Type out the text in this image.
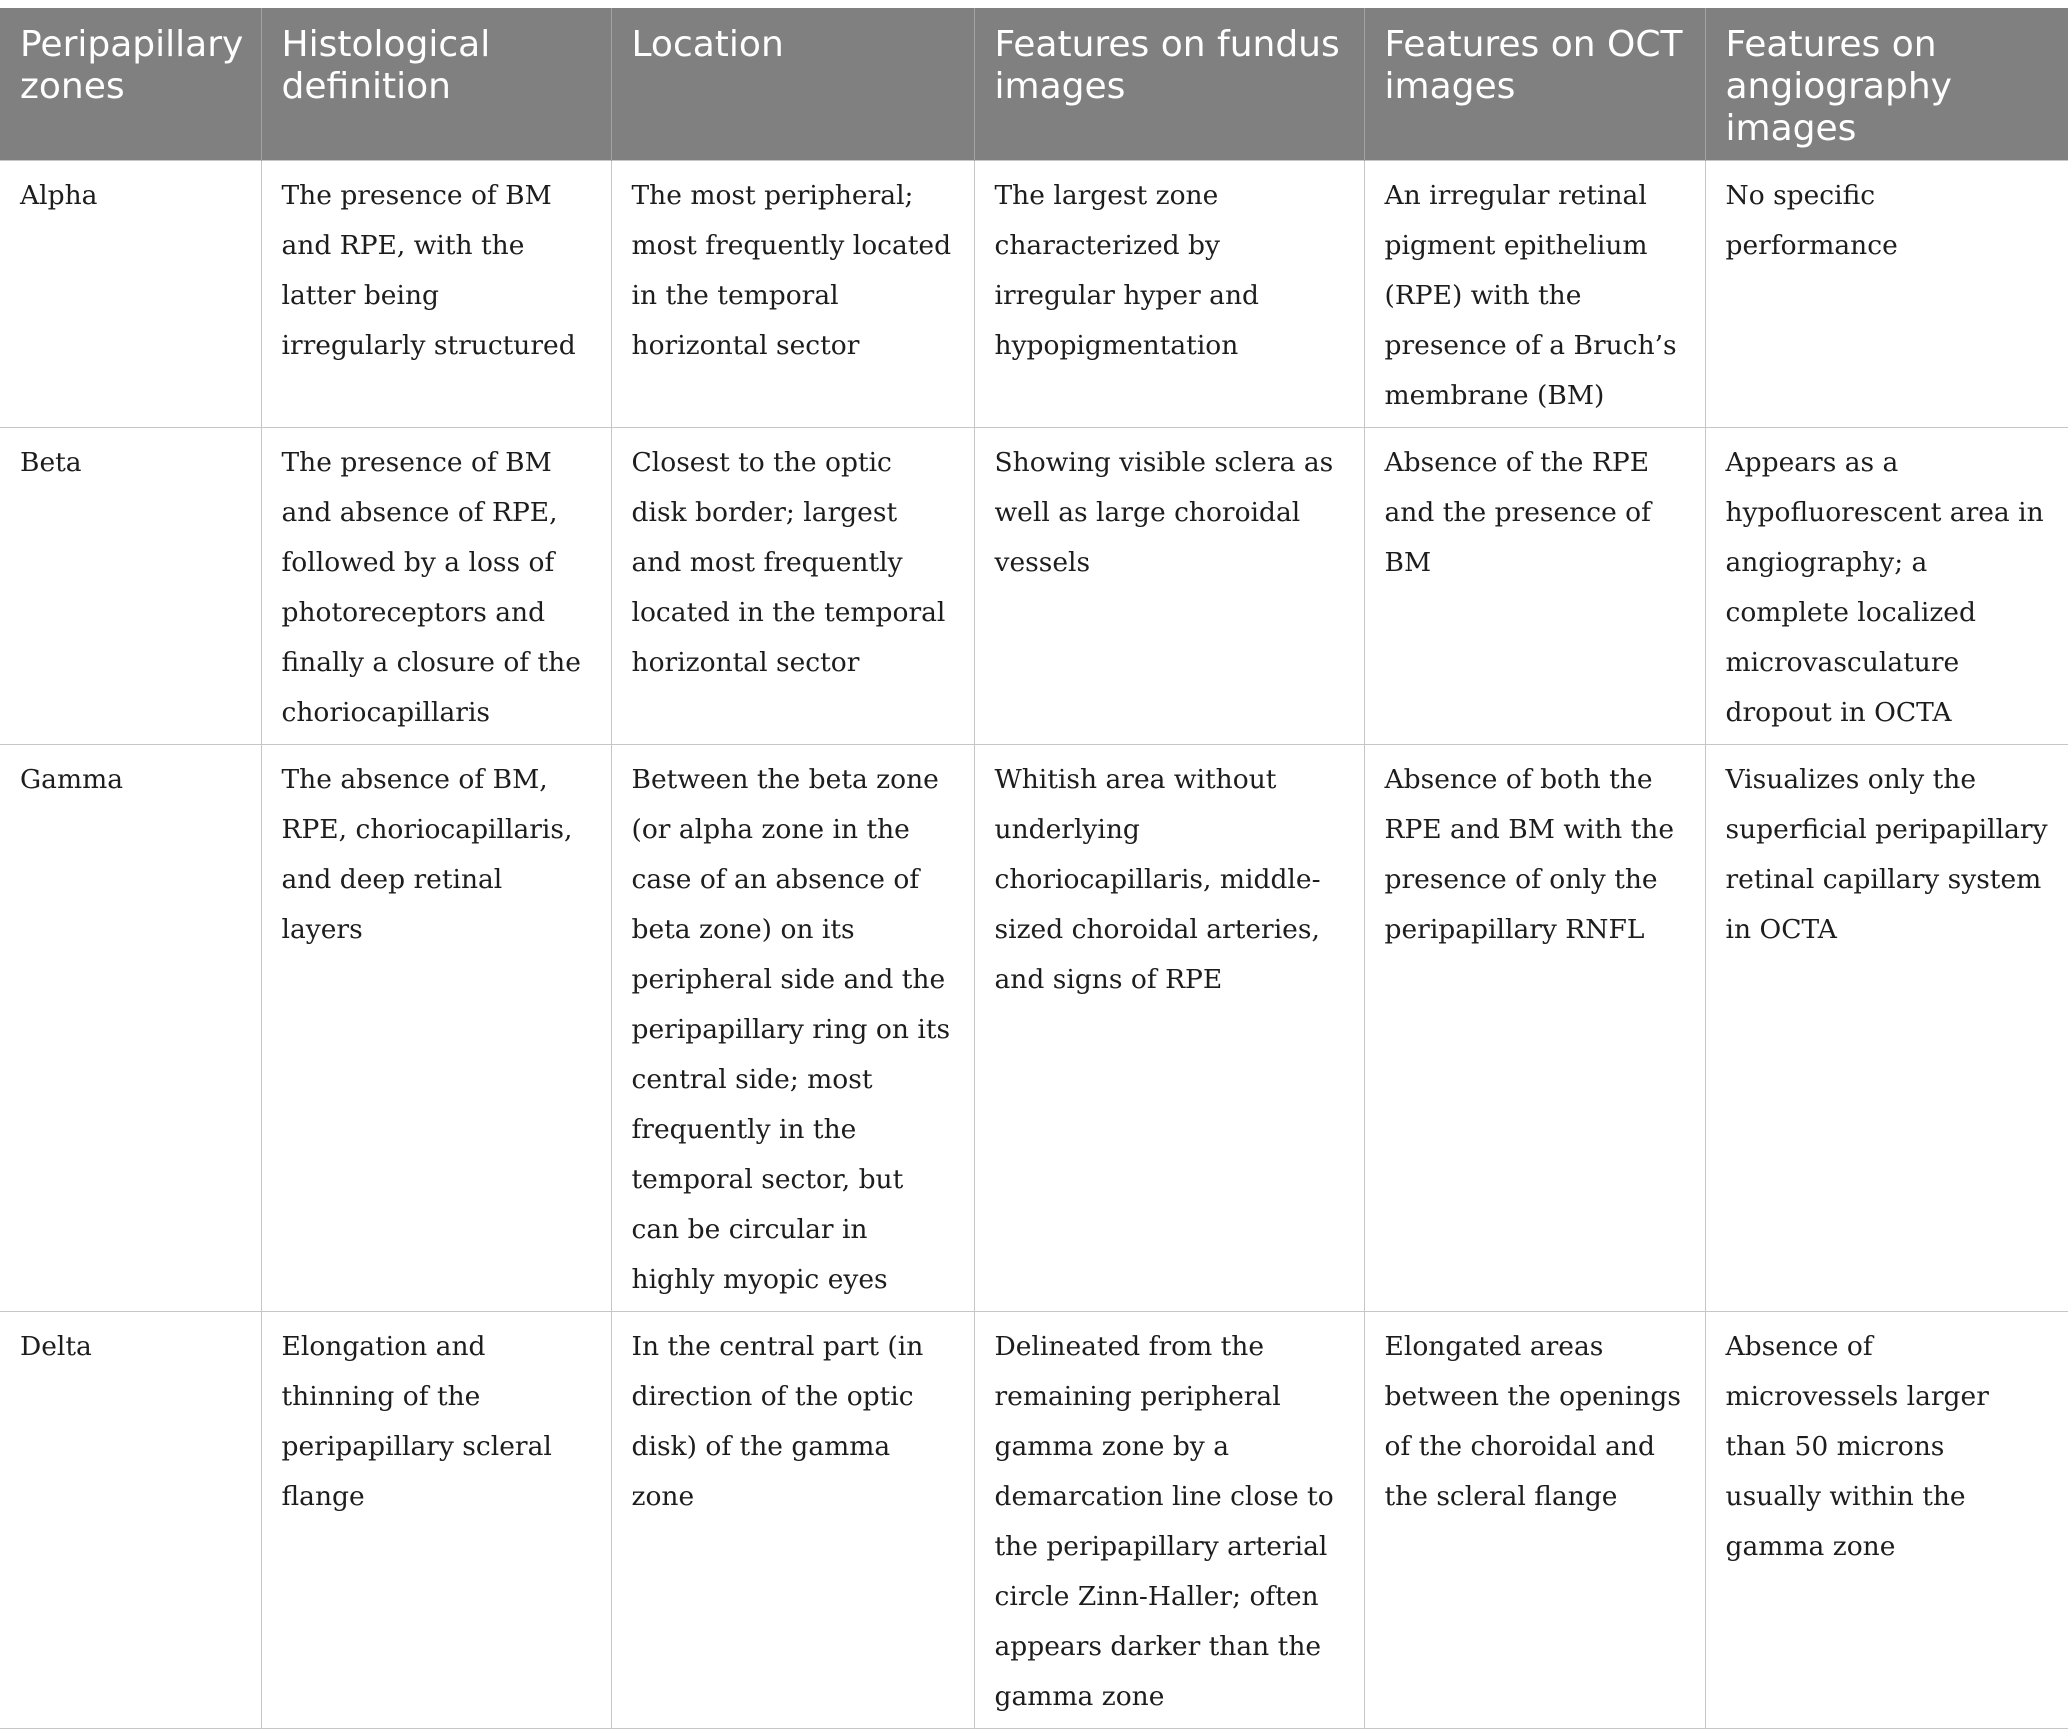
Peripapillary zones	Histological definition	Location	Features on fundus images	Features on OCT images	Features on angiography images
Alpha	The presence of BM and RPE, with the latter being irregularly structured	The most peripheral; most frequently located in the temporal horizontal sector	The largest zone characterized by irregular hyper and hypopigmentation	An irregular retinal pigment epithelium (RPE) with the presence of a Bruch’s membrane (BM)	No specific performance
Beta	The presence of BM and absence of RPE, followed by a loss of photoreceptors and finally a closure of the choriocapillaris	Closest to the optic disk border; largest and most frequently located in the temporal horizontal sector	Showing visible sclera as well as large choroidal vessels	Absence of the RPE and the presence of BM	Appears as a hypofluorescent area in angiography; a complete localized microvasculature dropout in OCTA
Gamma	The absence of BM, RPE, choriocapillaris, and deep retinal layers	Between the beta zone (or alpha zone in the case of an absence of beta zone) on its peripheral side and the peripapillary ring on its central side; most frequently in the temporal sector, but can be circular in highly myopic eyes	Whitish area without underlying choriocapillaris, middle-sized choroidal arteries, and signs of RPE	Absence of both the RPE and BM with the presence of only the peripapillary RNFL	Visualizes only the superficial peripapillary retinal capillary system in OCTA
Delta	Elongation and thinning of the peripapillary scleral flange	In the central part (in direction of the optic disk) of the gamma zone	Delineated from the remaining peripheral gamma zone by a demarcation line close to the peripapillary arterial circle Zinn-Haller; often appears darker than the gamma zone	Elongated areas between the openings of the choroidal and the scleral flange	Absence of microvessels larger than 50 microns usually within the gamma zone
